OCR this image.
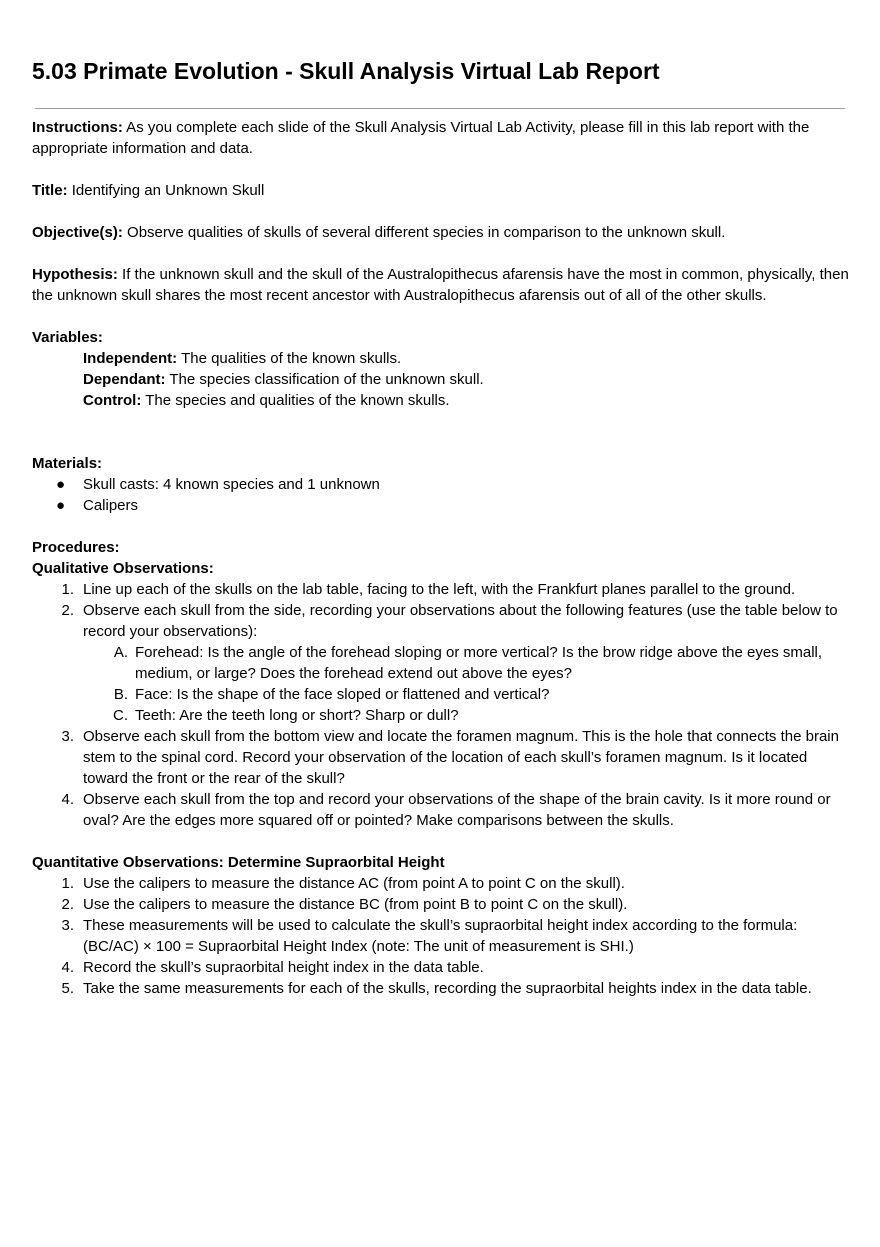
5.03 Primate Evolution - Skull Analysis Virtual Lab Report

Instructions: As you complete each slide of the Skull Analysis Virtual Lab Activity, please fill in this lab report with the appropriate information and data.

Title: Identifying an Unknown Skull

Objective(s): Observe qualities of skulls of several different species in comparison to the unknown skull.

Hypothesis: If the unknown skull and the skull of the Australopithecus afarensis have the most in common, physically, then the unknown skull shares the most recent ancestor with Australopithecus afarensis out of all of the other skulls.

Variables:

Independent: The qualities of the known skulls.

Dependant: The species classification of the unknown skull.

Control: The species and qualities of the known skulls.

Materials:

● Skull casts: 4 known species and 1 unknown
● Calipers

Procedures:

Qualitative Observations:

1. Line up each of the skulls on the lab table, facing to the left, with the Frankfurt planes parallel to the ground.
2. Observe each skull from the side, recording your observations about the following features (use the table below to record your observations):
A. Forehead: Is the angle of the forehead sloping or more vertical? Is the brow ridge above the eyes small, medium, or large? Does the forehead extend out above the eyes?
B. Face: Is the shape of the face sloped or flattened and vertical?
C. Teeth: Are the teeth long or short? Sharp or dull?
3. Observe each skull from the bottom view and locate the foramen magnum. This is the hole that connects the brain stem to the spinal cord. Record your observation of the location of each skull’s foramen magnum. Is it located toward the front or the rear of the skull?
4. Observe each skull from the top and record your observations of the shape of the brain cavity. Is it more round or oval? Are the edges more squared off or pointed? Make comparisons between the skulls.

Quantitative Observations: Determine Supraorbital Height

1. Use the calipers to measure the distance AC (from point A to point C on the skull).
2. Use the calipers to measure the distance BC (from point B to point C on the skull).
3. These measurements will be used to calculate the skull’s supraorbital height index according to the formula: (BC/AC) × 100 = Supraorbital Height Index (note: The unit of measurement is SHI.)
4. Record the skull’s supraorbital height index in the data table.
5. Take the same measurements for each of the skulls, recording the supraorbital heights index in the data table.
